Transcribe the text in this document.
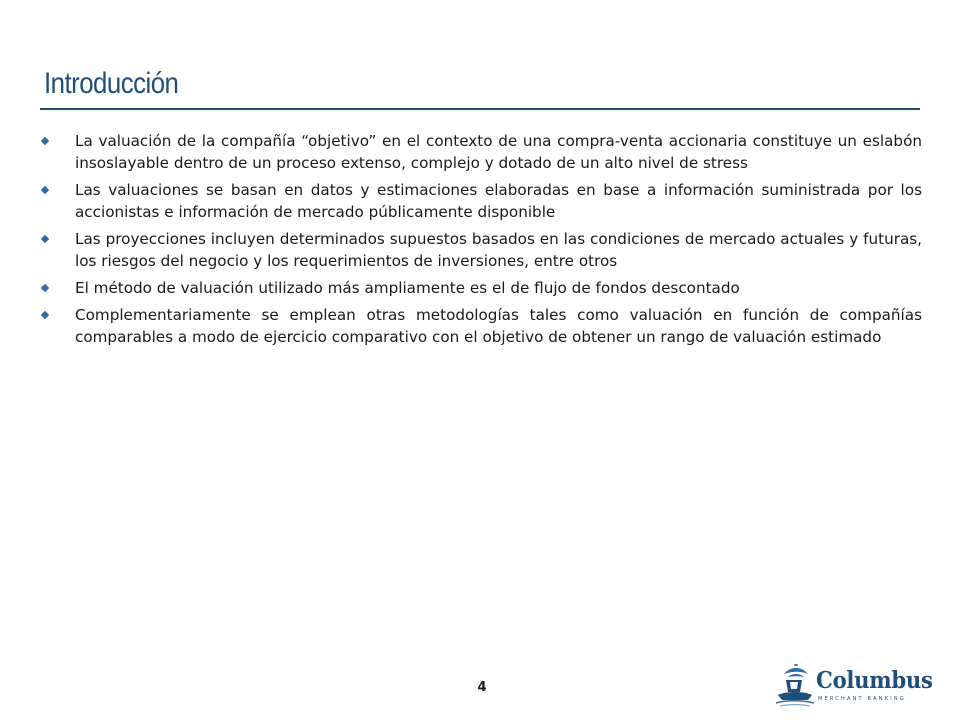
Introducción
La valuación de la compañía “objetivo” en el contexto de una compra-venta accionaria constituye un eslabón insoslayable dentro de un proceso extenso, complejo y dotado de un alto nivel de stress
Las valuaciones se basan en datos y estimaciones elaboradas en base a información suministrada por los accionistas e información de mercado públicamente disponible
Las proyecciones incluyen determinados supuestos basados en las condiciones de mercado actuales y futuras, los riesgos del negocio y los requerimientos de inversiones, entre otros
El método de valuación utilizado más ampliamente es el de flujo de fondos descontado
Complementariamente se emplean otras metodologías tales como valuación en función de compañías comparables a modo de ejercicio comparativo con el objetivo de obtener un rango de valuación estimado
4	Columbus
MERCHANT BANKING
